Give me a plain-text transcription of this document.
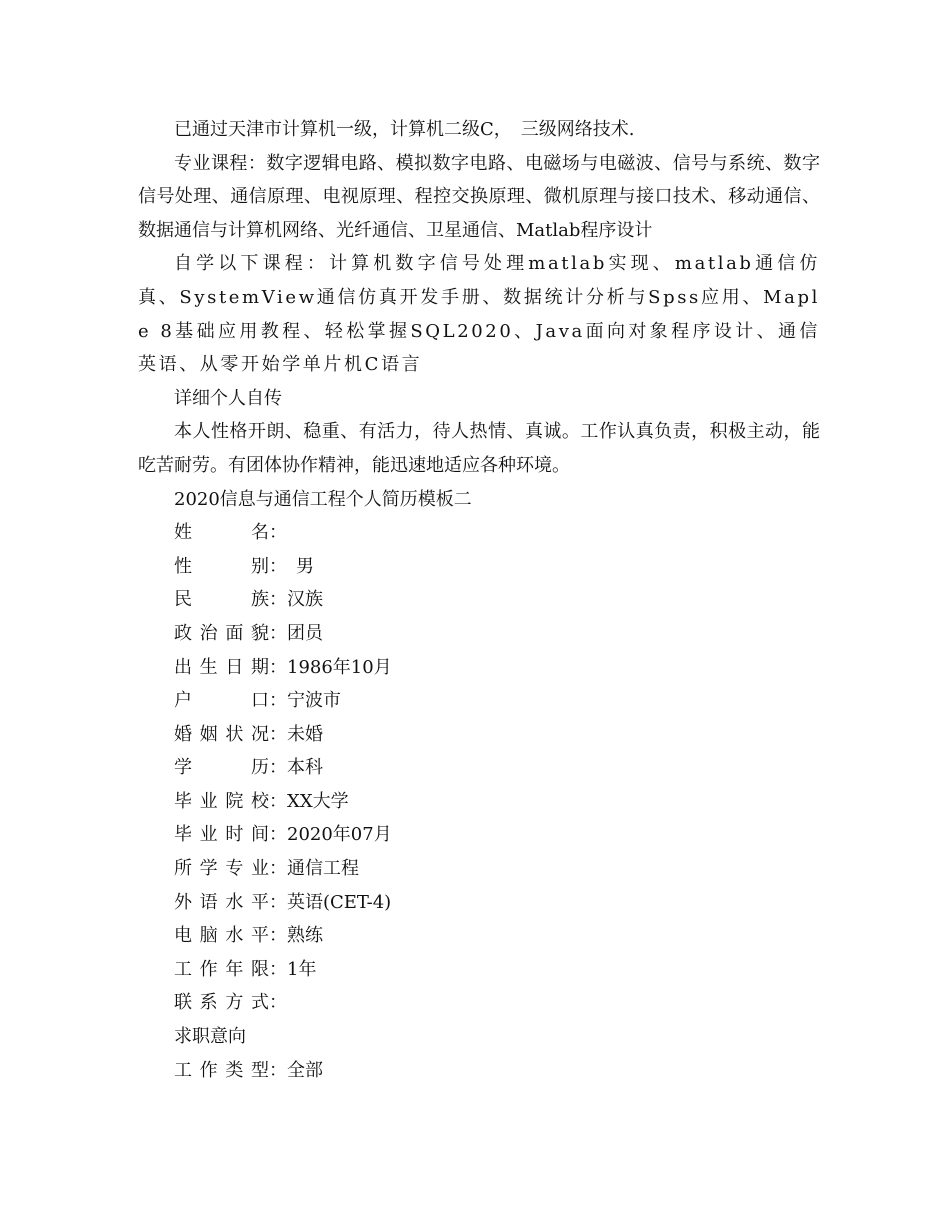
已通过天津市计算机一级，计算机二级C，　三级网络技术.

专业课程：数字逻辑电路、模拟数字电路、电磁场与电磁波、信号与系统、数字信号处理、通信原理、电视原理、程控交换原理、微机原理与接口技术、移动通信、数据通信与计算机网络、光纤通信、卫星通信、Matlab程序设计

自学以下课程：计算机数字信号处理matlab实现、matlab通信仿真、SystemView通信仿真开发手册、数据统计分析与Spss应用、Maple 8基础应用教程、轻松掌握SQL2020、Java面向对象程序设计、通信英语、从零开始学单片机C语言

详细个人自传

本人性格开朗、稳重、有活力，待人热情、真诚。工作认真负责，积极主动，能吃苦耐劳。有团体协作精神，能迅速地适应各种环境。

2020信息与通信工程个人简历模板二

姓名：

性别： 男

民族：汉族

政治面貌：团员

出生日期：1986年10月

户口：宁波市

婚姻状况：未婚

学历：本科

毕业院校：XX大学

毕业时间：2020年07月

所学专业：通信工程

外语水平：英语(CET-4)

电脑水平：熟练

工作年限：1年

联系方式：

求职意向

工作类型：全部
